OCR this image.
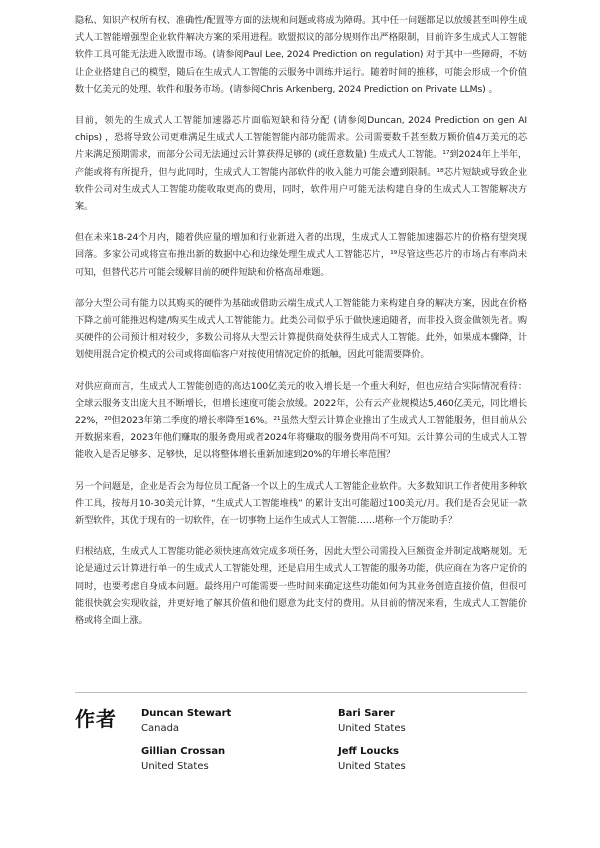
隐私、知识产权所有权、准确性/配置等方面的法规和问题或将成为障碍。其中任一问题都足以放缓甚至叫停生成式人工智能增强型企业软件解决方案的采用进程。欧盟拟议的部分规则作出严格限制，目前许多生成式人工智能软件工具可能无法进入欧盟市场。(请参阅Paul Lee, 2024 Prediction on regulation) 对于其中一些障碍，不妨让企业搭建自己的模型，随后在生成式人工智能的云服务中训练并运行。随着时间的推移，可能会形成一个价值数十亿美元的处理、软件和服务市场。(请参阅Chris Arkenberg, 2024 Prediction on Private LLMs) 。

目前，领先的生成式人工智能加速器芯片面临短缺和待分配 (请参阅Duncan, 2024 Prediction on gen AI chips) ，恐将导致公司更难满足生成式人工智能智能内部功能需求。公司需要数千甚至数万颗价值4万美元的芯片来满足预期需求，而部分公司无法通过云计算获得足够的 (或任意数量) 生成式人工智能。¹⁷到2024年上半年，产能或将有所提升，但与此同时，生成式人工智能内部软件的收入能力可能会遭到限制。¹⁸芯片短缺或导致企业软件公司对生成式人工智能功能收取更高的费用，同时，软件用户可能无法构建自身的生成式人工智能解决方案。

但在未来18-24个月内，随着供应量的增加和行业新进入者的出现，生成式人工智能加速器芯片的价格有望突现回落。多家公司或将宣布推出新的数据中心和边缘处理生成式人工智能芯片，¹⁹尽管这些芯片的市场占有率尚未可知，但替代芯片可能会缓解目前的硬件短缺和价格高昂难题。

部分大型公司有能力以其购买的硬件为基础或借助云端生成式人工智能能力来构建自身的解决方案，因此在价格下降之前可能推迟构建/购买生成式人工智能能力。此类公司似乎乐于做快速追随者，而非投入资金做领先者。购买硬件的公司预计相对较少，多数公司将从大型云计算提供商处获得生成式人工智能。此外，如果成本骤降，计划使用混合定价模式的公司或将面临客户对按使用情况定价的抵触，因此可能需要降价。

对供应商而言，生成式人工智能创造的高达100亿美元的收入增长是一个重大利好，但也应结合实际情况看待：全球云服务支出庞大且不断增长，但增长速度可能会放缓。2022年，公有云产业规模达5,460亿美元，同比增长22%，²⁰但2023年第二季度的增长率降至16%。²¹虽然大型云计算企业推出了生成式人工智能服务，但目前从公开数据来看，2023年他们赚取的服务费用或者2024年将赚取的服务费用尚不可知。云计算公司的生成式人工智能收入是否足够多、足够快，足以将整体增长重新加速到20%的年增长率范围？

另一个问题是，企业是否会为每位员工配备一个以上的生成式人工智能企业软件。大多数知识工作者使用多种软件工具，按每月10-30美元计算，“生成式人工智能堆栈” 的累计支出可能超过100美元/月。我们是否会见证一款新型软件，其优于现有的一切软件，在一切事物上运作生成式人工智能……堪称一个万能助手？

归根结底，生成式人工智能功能必须快速高效完成多项任务，因此大型公司需投入巨额资金并制定战略规划。无论是通过云计算进行单一的生成式人工智能处理，还是启用生成式人工智能的服务功能，供应商在为客户定价的同时，也要考虑自身成本问题。最终用户可能需要一些时间来确定这些功能如何为其业务创造直接价值，但很可能很快就会实现收益，并更好地了解其价值和他们愿意为此支付的费用。从目前的情况来看，生成式人工智能价格或将全面上涨。

作者 Duncan Stewart
Canada
Bari Sarer
United States
Gillian Crossan
United States
Jeff Loucks
United States
